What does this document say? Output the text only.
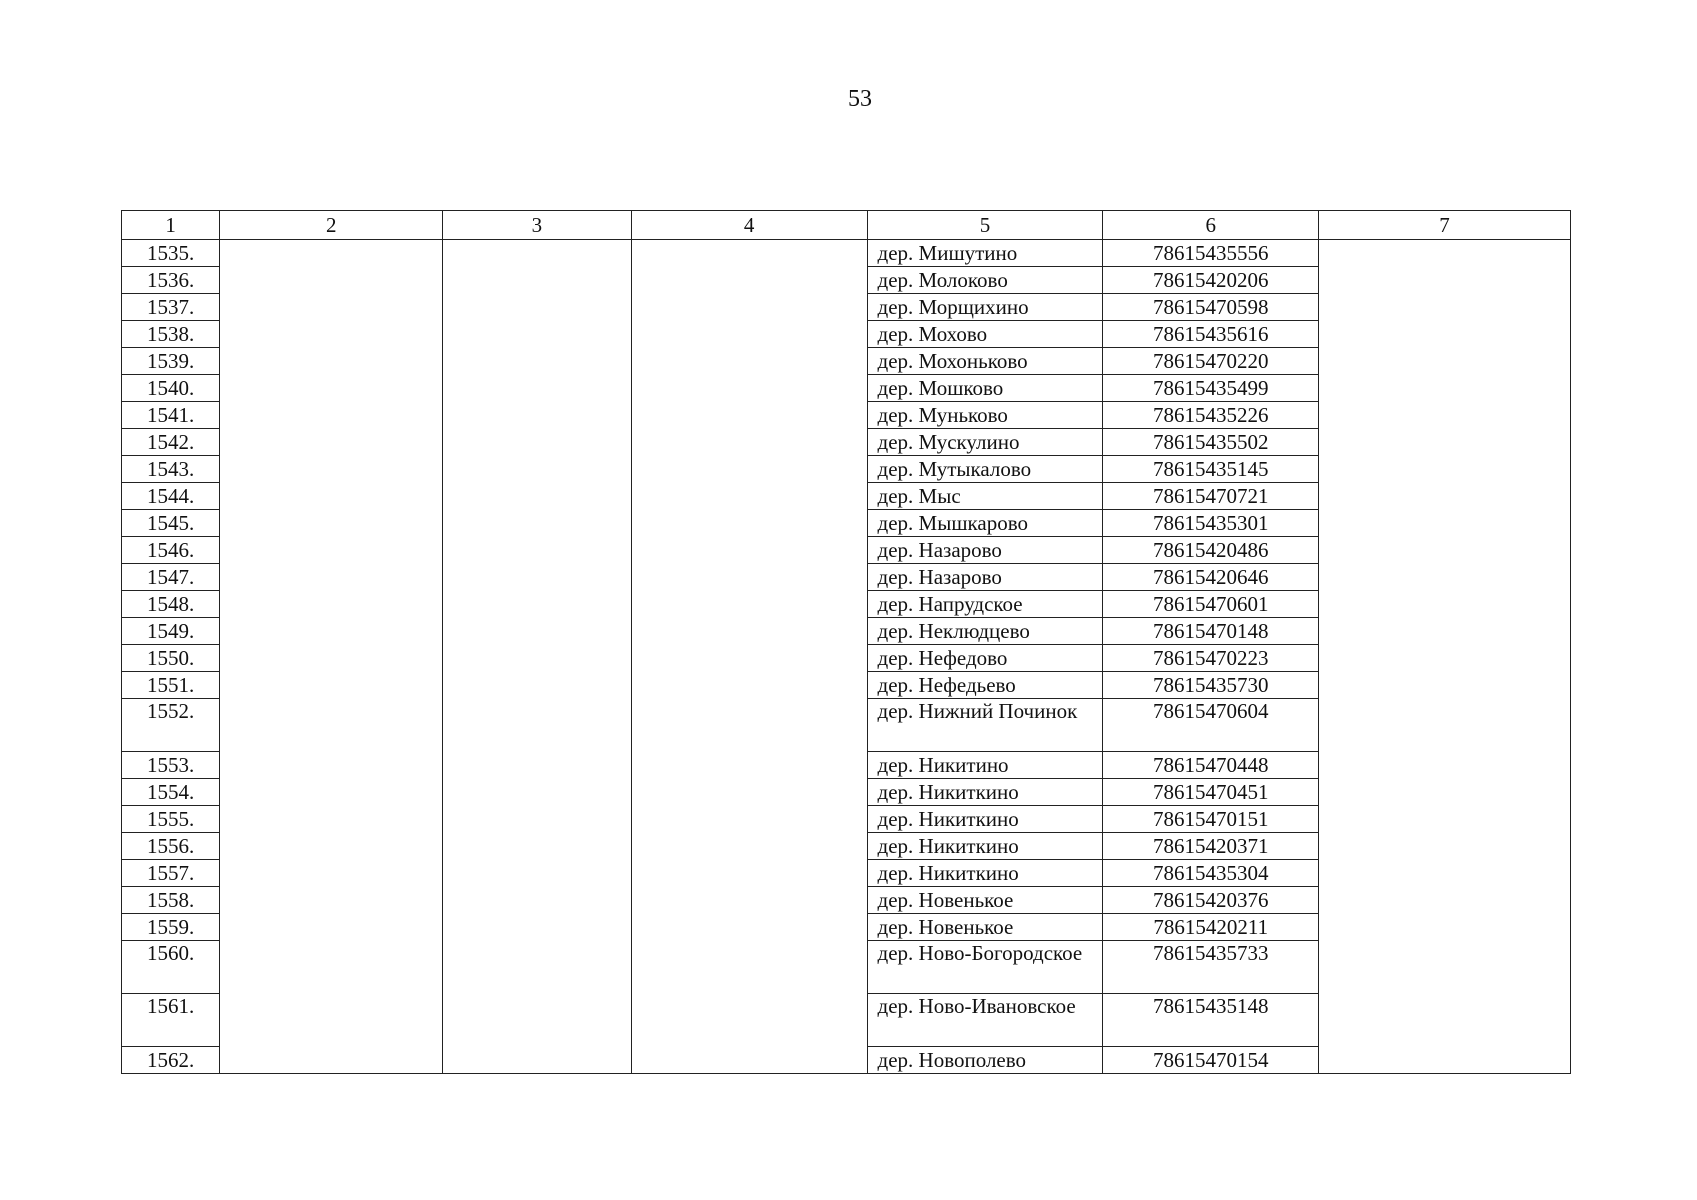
53
1	2	3	4	5	6	7
1535.				дер. Мишутино	78615435556	
1536.				дер. Молоково	78615420206	
1537.				дер. Морщихино	78615470598	
1538.				дер. Мохово	78615435616	
1539.				дер. Мохоньково	78615470220	
1540.				дер. Мошково	78615435499	
1541.				дер. Муньково	78615435226	
1542.				дер. Мускулино	78615435502	
1543.				дер. Мутыкалово	78615435145	
1544.				дер. Мыс	78615470721	
1545.				дер. Мышкарово	78615435301	
1546.				дер. Назарово	78615420486	
1547.				дер. Назарово	78615420646	
1548.				дер. Напрудское	78615470601	
1549.				дер. Неклюдцево	78615470148	
1550.				дер. Нефедово	78615470223	
1551.				дер. Нефедьево	78615435730	
1552.				дер. Нижний Починок	78615470604	
1553.				дер. Никитино	78615470448	
1554.				дер. Никиткино	78615470451	
1555.				дер. Никиткино	78615470151	
1556.				дер. Никиткино	78615420371	
1557.				дер. Никиткино	78615435304	
1558.				дер. Новенькое	78615420376	
1559.				дер. Новенькое	78615420211	
1560.				дер. Ново-Богородское	78615435733	
1561.				дер. Ново-Ивановское	78615435148	
1562.				дер. Новополево	78615470154	
